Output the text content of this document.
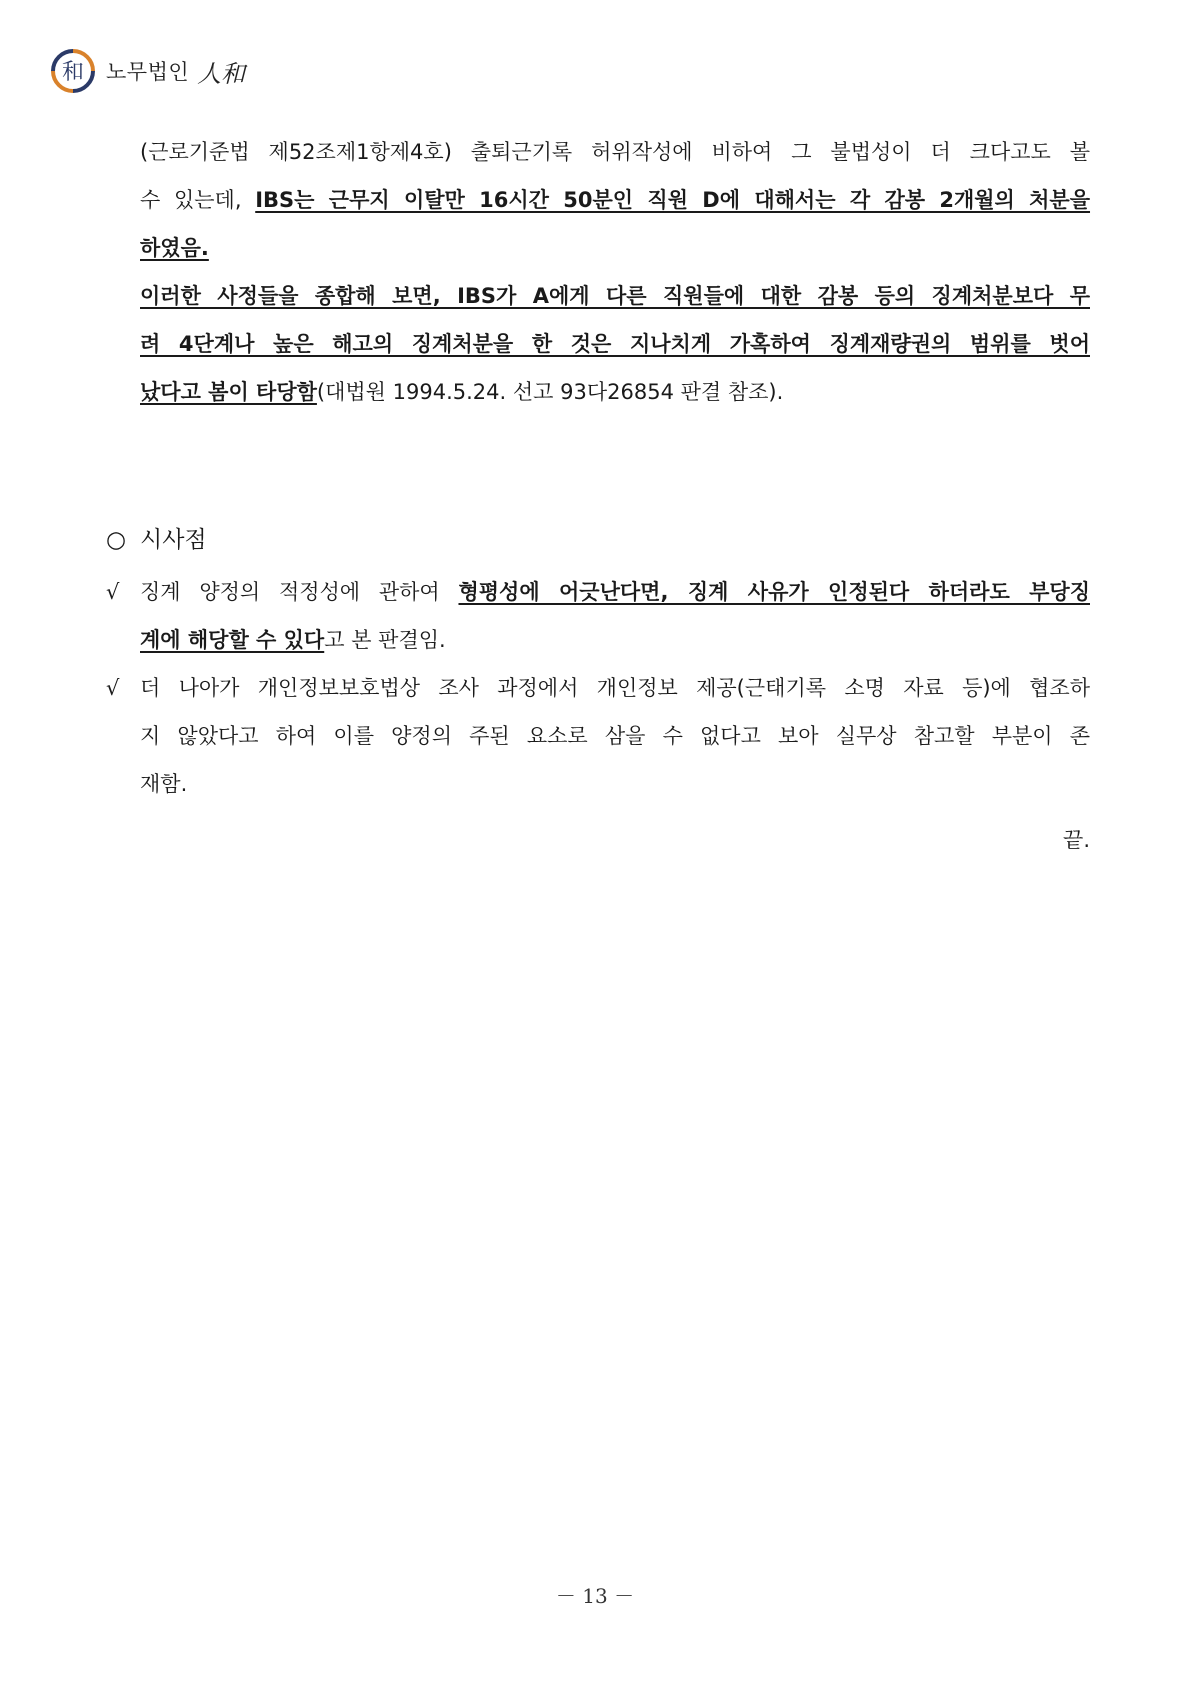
和 노무법인 人和
(근로기준법 제52조제1항제4호) 출퇴근기록 허위작성에 비하여 그 불법성이 더 크다고도 볼
수 있는데, IBS는 근무지 이탈만 16시간 50분인 직원 D에 대해서는 각 감봉 2개월의 처분을
하였음.
이러한 사정들을 종합해 보면, IBS가 A에게 다른 직원들에 대한 감봉 등의 징계처분보다 무
려 4단계나 높은 해고의 징계처분을 한 것은 지나치게 가혹하여 징계재량권의 범위를 벗어
났다고 봄이 타당함(대법원 1994.5.24. 선고 93다26854 판결 참조).
○ 시사점
√ 징계 양정의 적정성에 관하여 형평성에 어긋난다면, 징계 사유가 인정된다 하더라도 부당징
계에 해당할 수 있다고 본 판결임.
√ 더 나아가 개인정보보호법상 조사 과정에서 개인정보 제공(근태기록 소명 자료 등)에 협조하
지 않았다고 하여 이를 양정의 주된 요소로 삼을 수 없다고 보아 실무상 참고할 부분이 존
재함.
끝.
－ 13 －
